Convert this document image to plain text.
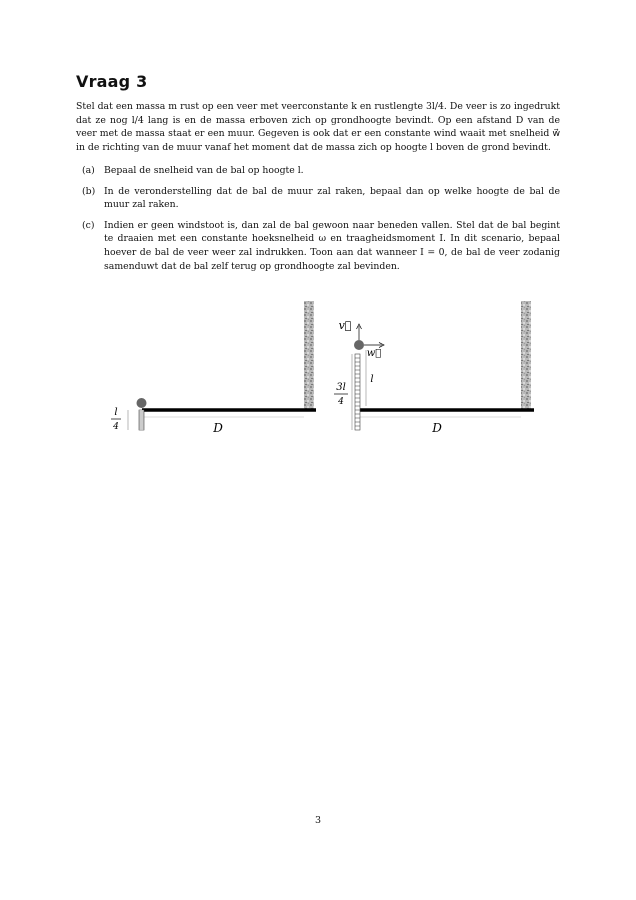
Vraag 3
Stel dat een massa m rust op een veer met veerconstante k en rustlengte 3l/4. De veer is zo ingedrukt dat ze nog l/4 lang is en de massa erboven zich op grondhoogte bevindt. Op een afstand D van de veer met de massa staat er een muur. Gegeven is ook dat er een constante wind waait met snelheid w⃗ in de richting van de muur vanaf het moment dat de massa zich op hoogte l boven de grond bevindt.
(a) Bepaal de snelheid van de bal op hoogte l.
(b) In de veronderstelling dat de bal de muur zal raken, bepaal dan op welke hoogte de bal de muur zal raken.
(c) Indien er geen windstoot is, dan zal de bal gewoon naar beneden vallen. Stel dat de bal begint te draaien met een constante hoeksnelheid ω en traagheidsmoment I. In dit scenario, bepaal hoever de bal de veer weer zal indrukken. Toon aan dat wanneer I = 0, de bal de veer zodanig samenduwt dat de bal zelf terug op grondhoogte zal bevinden.
l
4	D
v⃗
w⃗
l
3l
4
D
3
